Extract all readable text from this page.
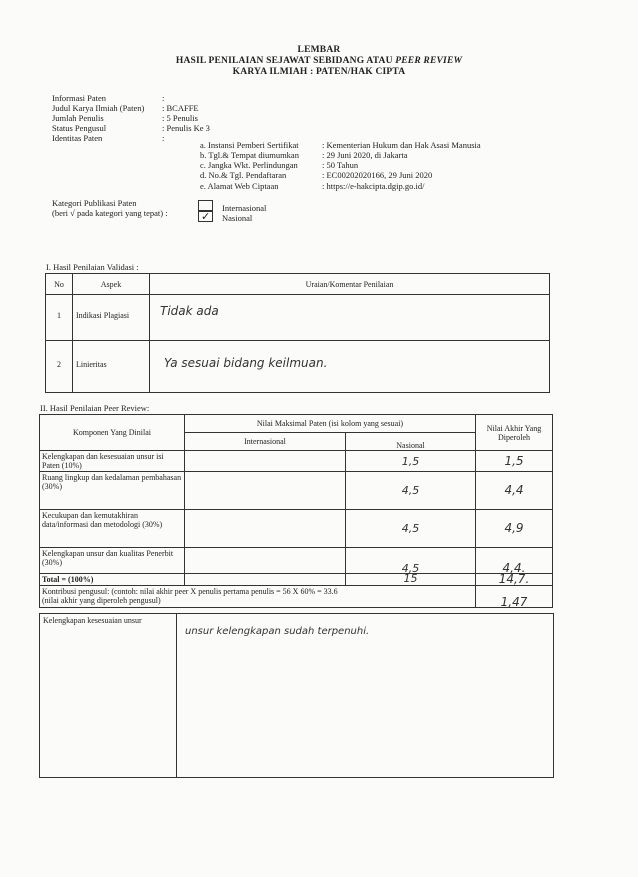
LEMBAR
HASIL PENILAIAN SEJAWAT SEBIDANG ATAU PEER REVIEW
KARYA ILMIAH : PATEN/HAK CIPTA
Informasi Paten	:
Judul Karya Ilmiah (Paten) : BCAFFE
Jumlah Penulis	: 5 Penulis
Status Pengusul	: Penulis Ke 3
Identitas Paten	:
a. Instansi Pemberi Sertifikat	: Kementerian Hukum dan Hak Asasi Manusia
b. Tgl.& Tempat diumumkan	: 29 Juni 2020, di Jakarta
c. Jangka Wkt. Perlindungan	: 50 Tahun
d. No.& Tgl. Pendaftaran	: EC00202020166, 29 Juni 2020
e. Alamat Web Ciptaan	: https://e-hakcipta.dgip.go.id/
Kategori Publikasi Paten
(beri √ pada kategori yang tepat) :	Internasional
✓ Nasional
I. Hasil Penilaian Validasi :
No	Aspek	Uraian/Komentar Penilaian
1	Indikasi Plagiasi	Tidak ada
2	Linieritas	Ya sesuai bidang keilmuan.
II. Hasil Penilaian Peer Review:
Komponen Yang Dinilai	Nilai Maksimal Paten (isi kolom yang sesuai)		Nilai Akhir Yang Diperoleh
	Internasional	Nasional	
Kelengkapan dan kesesuaian unsur isi Paten (10%)		1,5	1,5
Ruang lingkup dan kedalaman pembahasan (30%)		4,5	4,4
Kecukupan dan kemutakhiran data/informasi dan metodologi (30%)		4,5	4,9
Kelengkapan unsur dan kualitas Penerbit (30%)		4,5	4,4.
Total = (100%)		15	14,7.

Kontribusi pengusul: (contoh: nilai akhir peer X penulis pertama penulis = 56 X 60% = 33.6
(nilai akhir yang diperoleh pengusul)			1,47
Kelengkapan kesesuaian unsur
unsur kelengkapan sudah terpenuhi.
